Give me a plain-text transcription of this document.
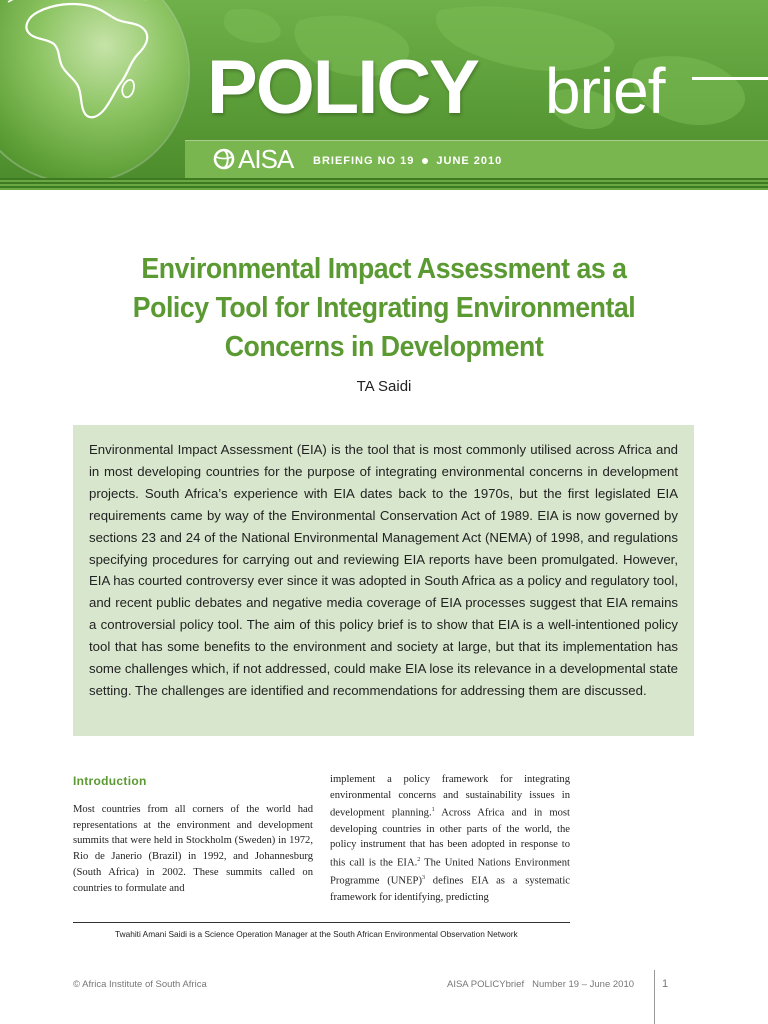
POLICY brief
AISA BRIEFING NO 19 JUNE 2010
Environmental Impact Assessment as a Policy Tool for Integrating Environmental Concerns in Development
TA Saidi

Environmental Impact Assessment (EIA) is the tool that is most commonly utilised across Africa and in most developing countries for the purpose of integrating environmental concerns in development projects. South Africa’s experience with EIA dates back to the 1970s, but the first legislated EIA requirements came by way of the Environmental Conservation Act of 1989. EIA is now governed by sections 23 and 24 of the National Environmental Management Act (NEMA) of 1998, and regulations specifying procedures for carrying out and reviewing EIA reports have been promulgated. However, EIA has courted controversy ever since it was adopted in South Africa as a policy and regulatory tool, and recent public debates and negative media coverage of EIA processes suggest that EIA remains a controversial policy tool. The aim of this policy brief is to show that EIA is a well-intentioned policy tool that has some benefits to the environment and society at large, but that its implementation has some challenges which, if not addressed, could make EIA lose its relevance in a developmental state setting. The challenges are identified and recommendations for addressing them are discussed.

Introduction

Most countries from all corners of the world had representations at the environment and development summits that were held in Stockholm (Sweden) in 1972, Rio de Janerio (Brazil) in 1992, and Johannesburg (South Africa) in 2002. These summits called on countries to formulate and

implement a policy framework for integrating environmental concerns and sustainability issues in development planning.$^1$ Across Africa and in most developing countries in other parts of the world, the policy instrument that has been adopted in response to this call is the EIA.$^2$ The United Nations Environment Programme (UNEP)$^3$ defines EIA as a systematic framework for identifying, predicting

Twahiti Amani Saidi is a Science Operation Manager at the South African Environmental Observation Network
© Africa Institute of South Africa	AISA POLICYbrief Number 19 – June 2010	1
